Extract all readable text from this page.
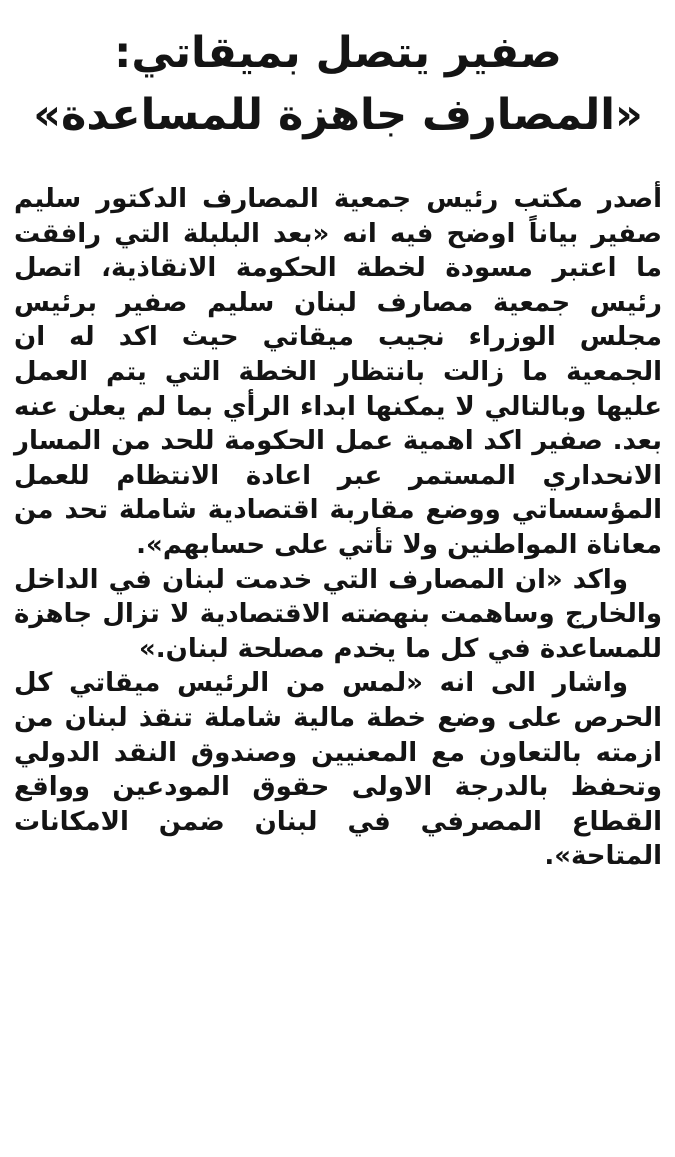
صفير يتصل بميقاتي:
«المصارف جاهزة للمساعدة»

أصدر مكتب رئيس جمعية المصارف الدكتور سليم صفير بياناً اوضح فيه انه «بعد البلبلة التي رافقت ما اعتبر مسودة لخطة الحكومة الانقاذية، اتصل رئيس جمعية مصارف لبنان سليم صفير برئيس مجلس الوزراء نجيب ميقاتي حيث اكد له ان الجمعية ما زالت بانتظار الخطة التي يتم العمل عليها وبالتالي لا يمكنها ابداء الرأي بما لم يعلن عنه بعد. صفير اكد اهمية عمل الحكومة للحد من المسار الانحداري المستمر عبر اعادة الانتظام للعمل المؤسساتي ووضع مقاربة اقتصادية شاملة تحد من معاناة المواطنين ولا تأتي على حسابهم».

واكد «ان المصارف التي خدمت لبنان في الداخل والخارج وساهمت بنهضته الاقتصادية لا تزال جاهزة للمساعدة في كل ما يخدم مصلحة لبنان.»

واشار الى انه «لمس من الرئيس ميقاتي كل الحرص على وضع خطة مالية شاملة تنقذ لبنان من ازمته بالتعاون مع المعنيين وصندوق النقد الدولي وتحفظ بالدرجة الاولى حقوق المودعين وواقع القطاع المصرفي في لبنان ضمن الامكانات المتاحة».
